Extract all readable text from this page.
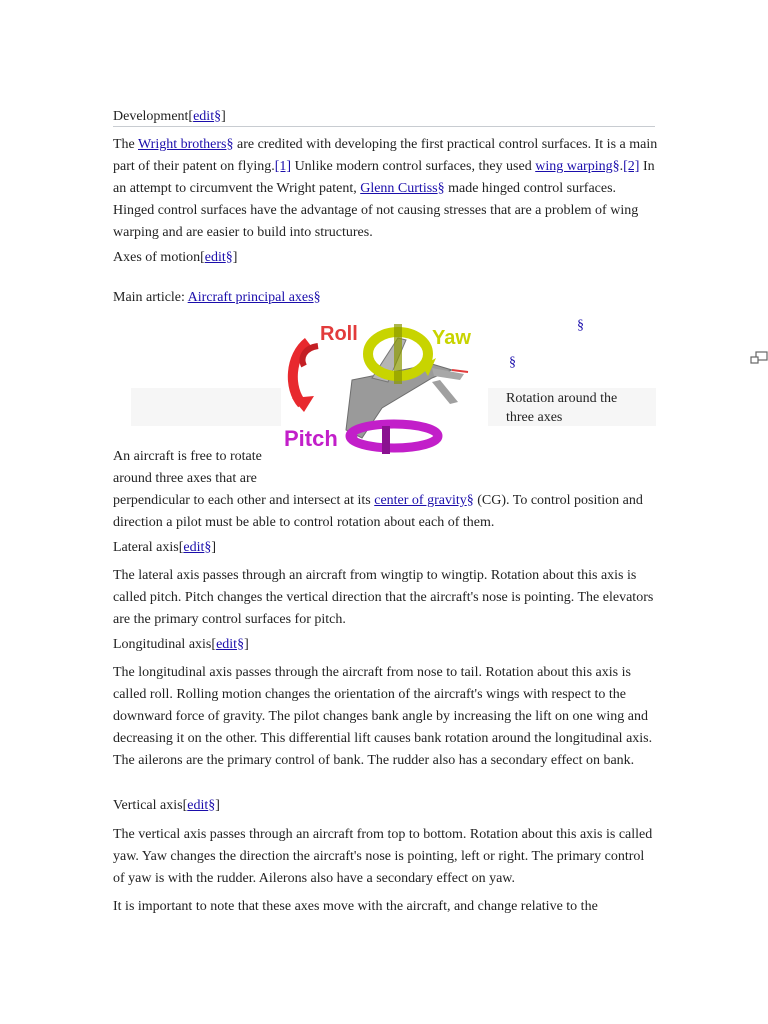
Development[edit§]
The Wright brothers§ are credited with developing the first practical control surfaces. It is a main part of their patent on flying.[1] Unlike modern control surfaces, they used wing warping§.[2] In an attempt to circumvent the Wright patent, Glenn Curtiss§ made hinged control surfaces. Hinged control surfaces have the advantage of not causing stresses that are a problem of wing warping and are easier to build into structures.
Axes of motion[edit§]
Main article: Aircraft principal axes§
Roll	Yaw
Pitch
§
§
Rotation around the three axes
An aircraft is free to rotate around three axes that are
perpendicular to each other and intersect at its center of gravity§ (CG). To control position and direction a pilot must be able to control rotation about each of them.
Lateral axis[edit§]
The lateral axis passes through an aircraft from wingtip to wingtip. Rotation about this axis is called pitch. Pitch changes the vertical direction that the aircraft's nose is pointing. The elevators are the primary control surfaces for pitch.
Longitudinal axis[edit§]
The longitudinal axis passes through the aircraft from nose to tail. Rotation about this axis is called roll. Rolling motion changes the orientation of the aircraft's wings with respect to the downward force of gravity. The pilot changes bank angle by increasing the lift on one wing and decreasing it on the other. This differential lift causes bank rotation around the longitudinal axis. The ailerons are the primary control of bank. The rudder also has a secondary effect on bank.
Vertical axis[edit§]
The vertical axis passes through an aircraft from top to bottom. Rotation about this axis is called yaw. Yaw changes the direction the aircraft's nose is pointing, left or right. The primary control of yaw is with the rudder. Ailerons also have a secondary effect on yaw.
It is important to note that these axes move with the aircraft, and change relative to the
